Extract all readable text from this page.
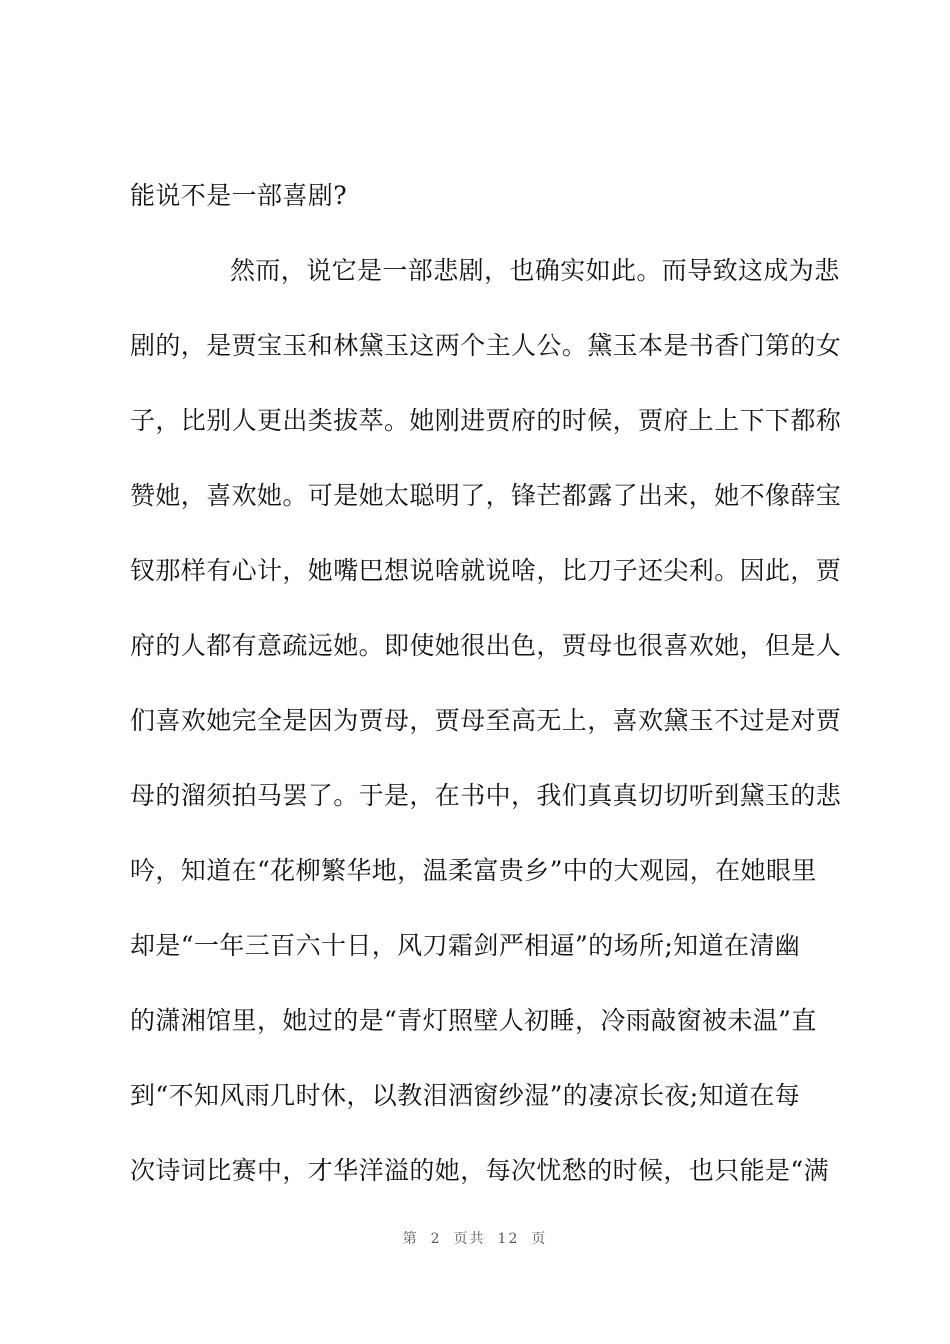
能说不是一部喜剧?
然而，说它是一部悲剧，也确实如此。而导致这成为悲
剧的，是贾宝玉和林黛玉这两个主人公。黛玉本是书香门第的女
子，比别人更出类拔萃。她刚进贾府的时候，贾府上上下下都称
赞她，喜欢她。可是她太聪明了，锋芒都露了出来，她不像薛宝
钗那样有心计，她嘴巴想说啥就说啥，比刀子还尖利。因此，贾
府的人都有意疏远她。即使她很出色，贾母也很喜欢她，但是人
们喜欢她完全是因为贾母，贾母至高无上，喜欢黛玉不过是对贾
母的溜须拍马罢了。于是，在书中，我们真真切切听到黛玉的悲
吟，知道在“花柳繁华地，温柔富贵乡”中的大观园，在她眼里
却是“一年三百六十日，风刀霜剑严相逼”的场所;知道在清幽
的潇湘馆里，她过的是“青灯照壁人初睡，冷雨敲窗被未温”直
到“不知风雨几时休，以教泪洒窗纱湿”的凄凉长夜;知道在每
次诗词比赛中，才华洋溢的她，每次忧愁的时候，也只能是“满
第 2 页共 12 页
